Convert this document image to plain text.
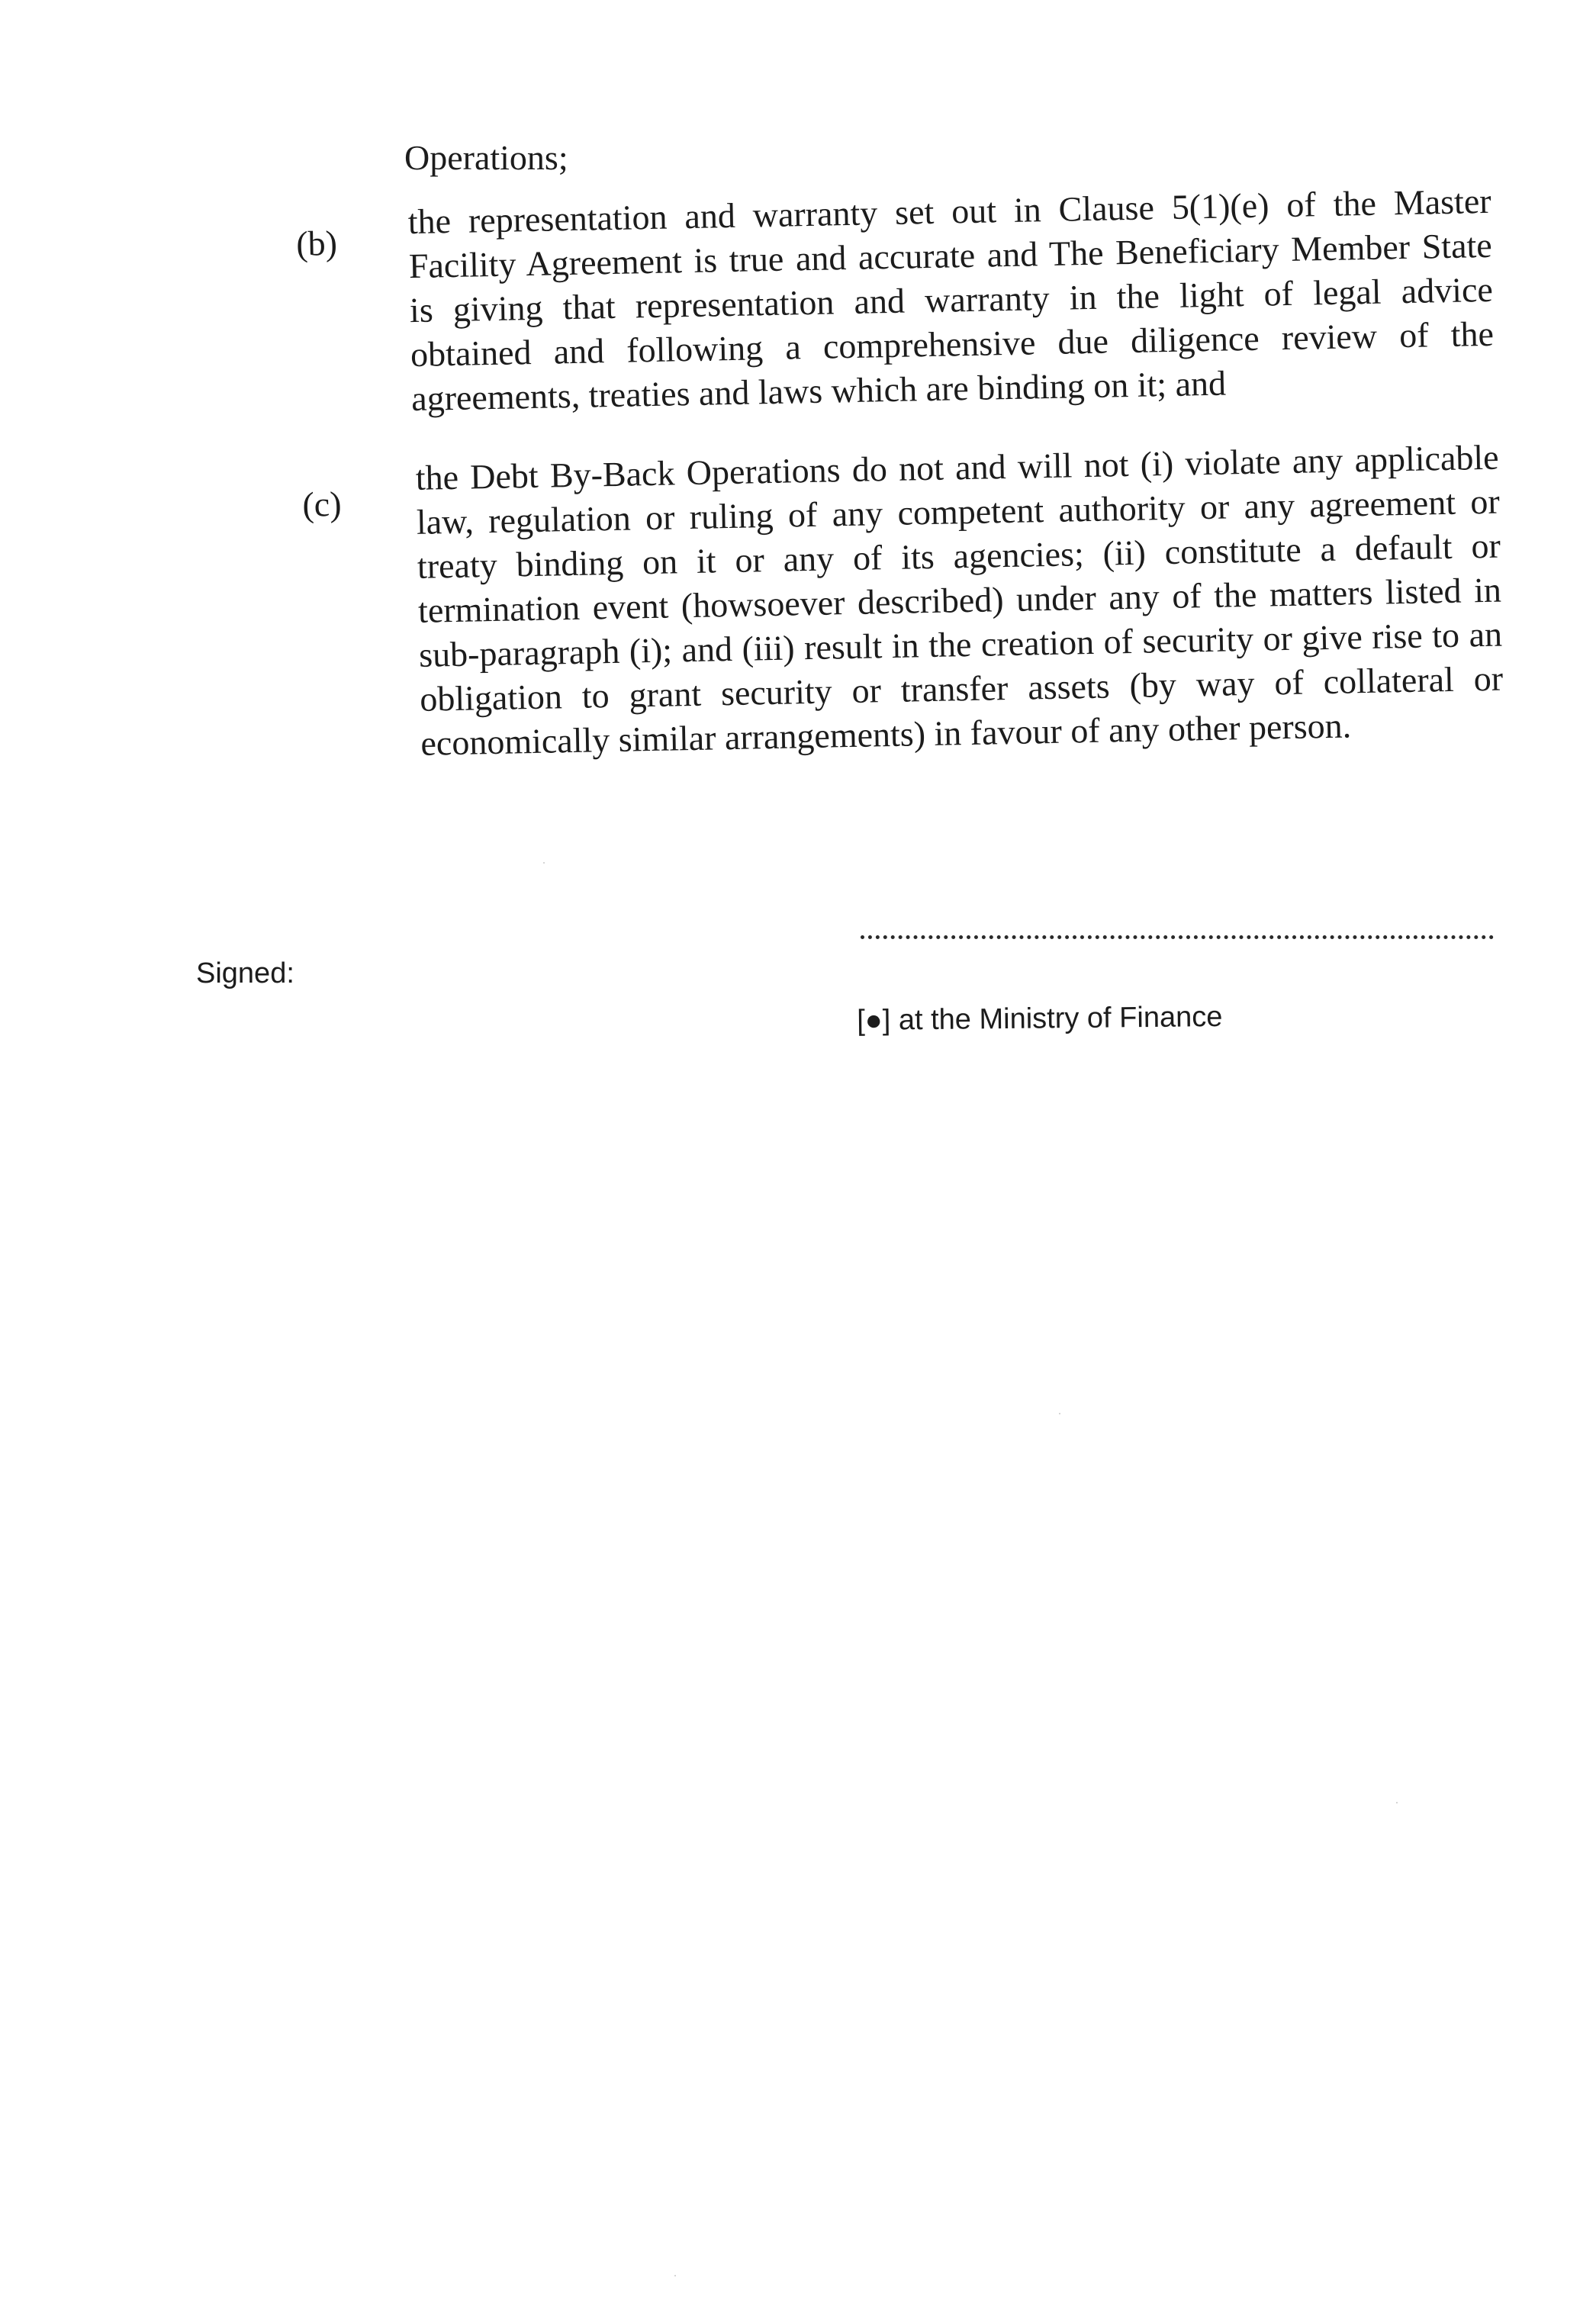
Operations;
(b)
the representation and warranty set out in Clause 5(1)(e) of the Master Facility Agreement is true and accurate and The Beneficiary Member State is giving that representation and warranty in the light of legal advice obtained and following a comprehensive due diligence review of the agreements, treaties and laws which are binding on it; and
(c)
the Debt By-Back Operations do not and will not (i) violate any applicable law, regulation or ruling of any competent authority or any agreement or treaty binding on it or any of its agencies; (ii) constitute a default or termination event (howsoever described) under any of the matters listed in sub-paragraph (i); and (iii) result in the creation of security or give rise to an obligation to grant security or transfer assets (by way of collateral or economically similar arrangements) in favour of any other person.
Signed:
[●] at the Ministry of Finance
